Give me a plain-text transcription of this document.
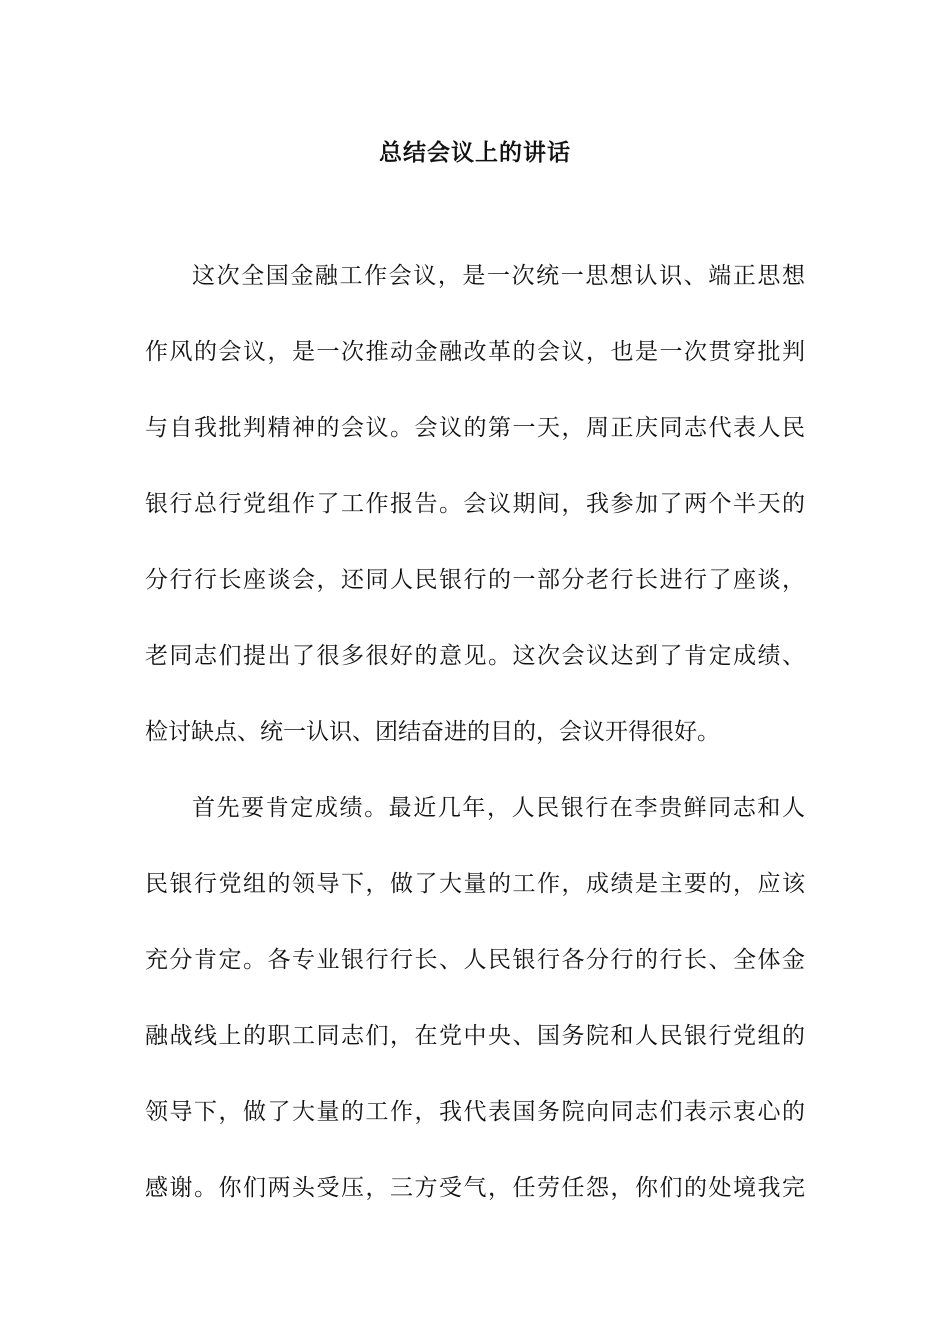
总结会议上的讲话
这次全国金融工作会议，是一次统一思想认识、端正思想
作风的会议，是一次推动金融改革的会议，也是一次贯穿批判
与自我批判精神的会议。会议的第一天，周正庆同志代表人民
银行总行党组作了工作报告。会议期间，我参加了两个半天的
分行行长座谈会，还同人民银行的一部分老行长进行了座谈，
老同志们提出了很多很好的意见。这次会议达到了肯定成绩、
检讨缺点、统一认识、团结奋进的目的，会议开得很好。
首先要肯定成绩。最近几年，人民银行在李贵鲜同志和人
民银行党组的领导下，做了大量的工作，成绩是主要的，应该
充分肯定。各专业银行行长、人民银行各分行的行长、全体金
融战线上的职工同志们，在党中央、国务院和人民银行党组的
领导下，做了大量的工作，我代表国务院向同志们表示衷心的
感谢。你们两头受压，三方受气，任劳任怨，你们的处境我完
